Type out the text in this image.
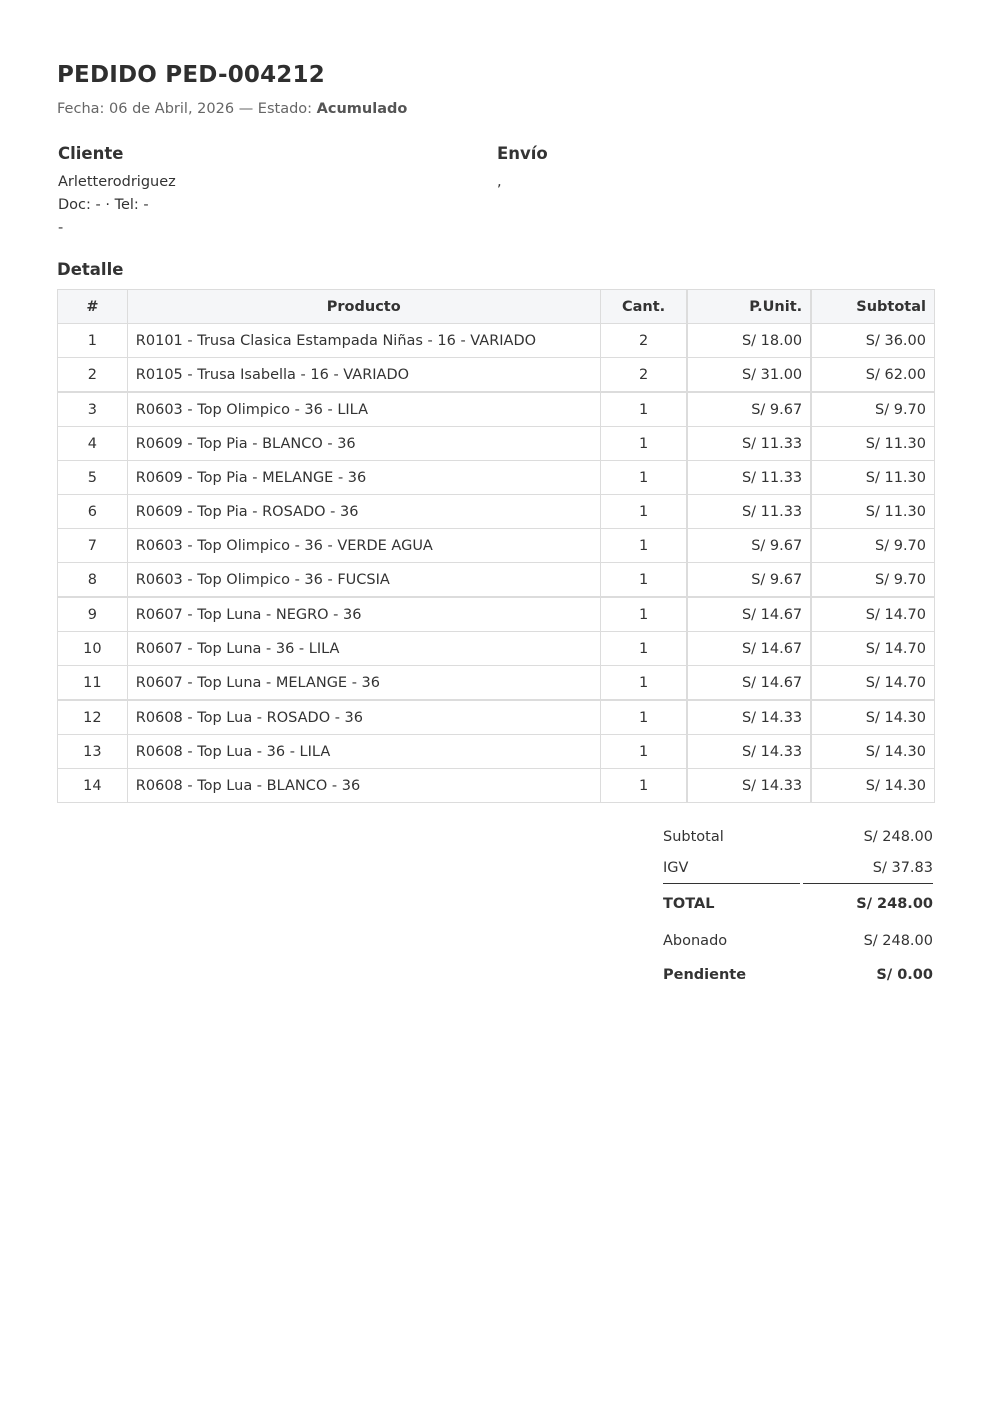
PEDIDO PED-004212
Fecha: 06 de Abril, 2026 — Estado: Acumulado
Cliente
Arletterodriguez
Doc: - · Tel: -
-
Envío
,
Detalle
#	Producto	Cant.	P.Unit.	Subtotal
1	R0101 - Trusa Clasica Estampada Niñas - 16 - VARIADO	2	S/ 18.00	S/ 36.00
2	R0105 - Trusa Isabella - 16 - VARIADO	2	S/ 31.00	S/ 62.00
3	R0603 - Top Olimpico - 36 - LILA	1	S/ 9.67	S/ 9.70
4	R0609 - Top Pia - BLANCO - 36	1	S/ 11.33	S/ 11.30
5	R0609 - Top Pia - MELANGE - 36	1	S/ 11.33	S/ 11.30
6	R0609 - Top Pia - ROSADO - 36	1	S/ 11.33	S/ 11.30
7	R0603 - Top Olimpico - 36 - VERDE AGUA	1	S/ 9.67	S/ 9.70
8	R0603 - Top Olimpico - 36 - FUCSIA	1	S/ 9.67	S/ 9.70
9	R0607 - Top Luna - NEGRO - 36	1	S/ 14.67	S/ 14.70
10	R0607 - Top Luna - 36 - LILA	1	S/ 14.67	S/ 14.70
11	R0607 - Top Luna - MELANGE - 36	1	S/ 14.67	S/ 14.70
12	R0608 - Top Lua - ROSADO - 36	1	S/ 14.33	S/ 14.30
13	R0608 - Top Lua - 36 - LILA	1	S/ 14.33	S/ 14.30
14	R0608 - Top Lua - BLANCO - 36	1	S/ 14.33	S/ 14.30
Subtotal	S/ 248.00
IGV	S/ 37.83
TOTAL	S/ 248.00
Abonado	S/ 248.00
Pendiente	S/ 0.00
